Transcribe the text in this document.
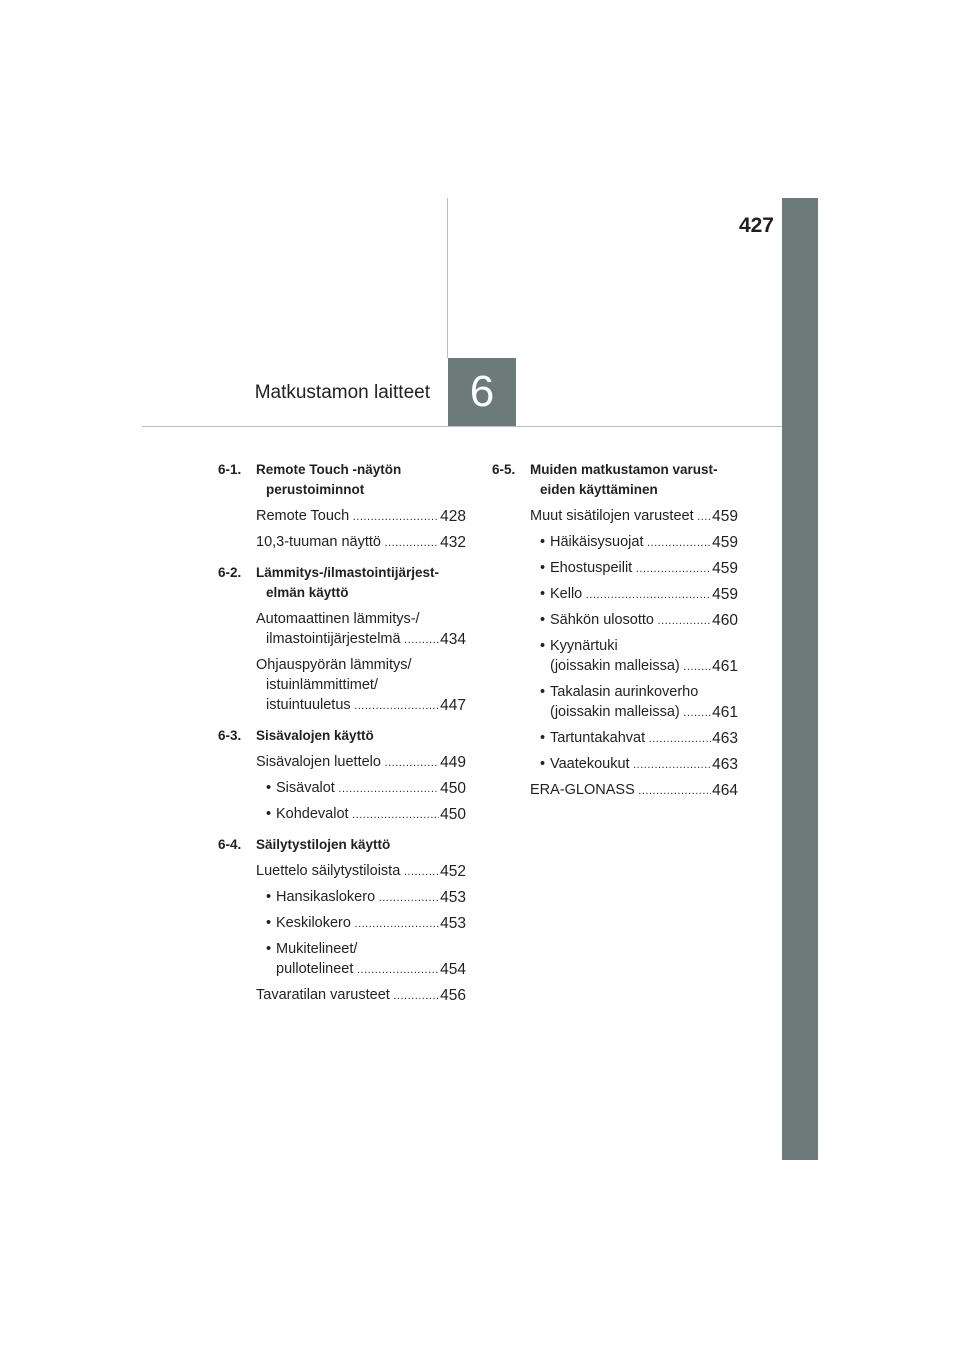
427
6
Matkustamon laitteet
6-1.	Remote Touch -näytön perustoiminnot
Remote Touch .....	428
10,3-tuuman näyttö .....	432
6-2.	Lämmitys-/ilmastointijärjest-elmän käyttö
Automaattinen lämmitys-/
ilmastointijärjestelmä .....	434
Ohjauspyörän lämmitys/
istuinlämmittimet/
istuintuuletus .....	447
6-3.	Sisävalojen käyttö
Sisävalojen luettelo .....	449
• Sisävalot .....	450
• Kohdevalot .....	450
6-4.	Säilytystilojen käyttö
Luettelo säilytystiloista .....	452
• Hansikaslokero .....	453
• Keskilokero .....	453
• Mukitelineet/
pullotelineet .....	454
Tavaratilan varusteet .....	456
6-5.	Muiden matkustamon varust-eiden käyttäminen
Muut sisätilojen varusteet .....	459
• Häikäisysuojat .....	459
• Ehostuspeilit .....	459
• Kello .....	459
• Sähkön ulosotto .....	460
• Kyynärtuki
(joissakin malleissa) .....	461
• Takalasin aurinkoverho
(joissakin malleissa) .....	461
• Tartuntakahvat .....	463
• Vaatekoukut .....	463
ERA-GLONASS .....	464
